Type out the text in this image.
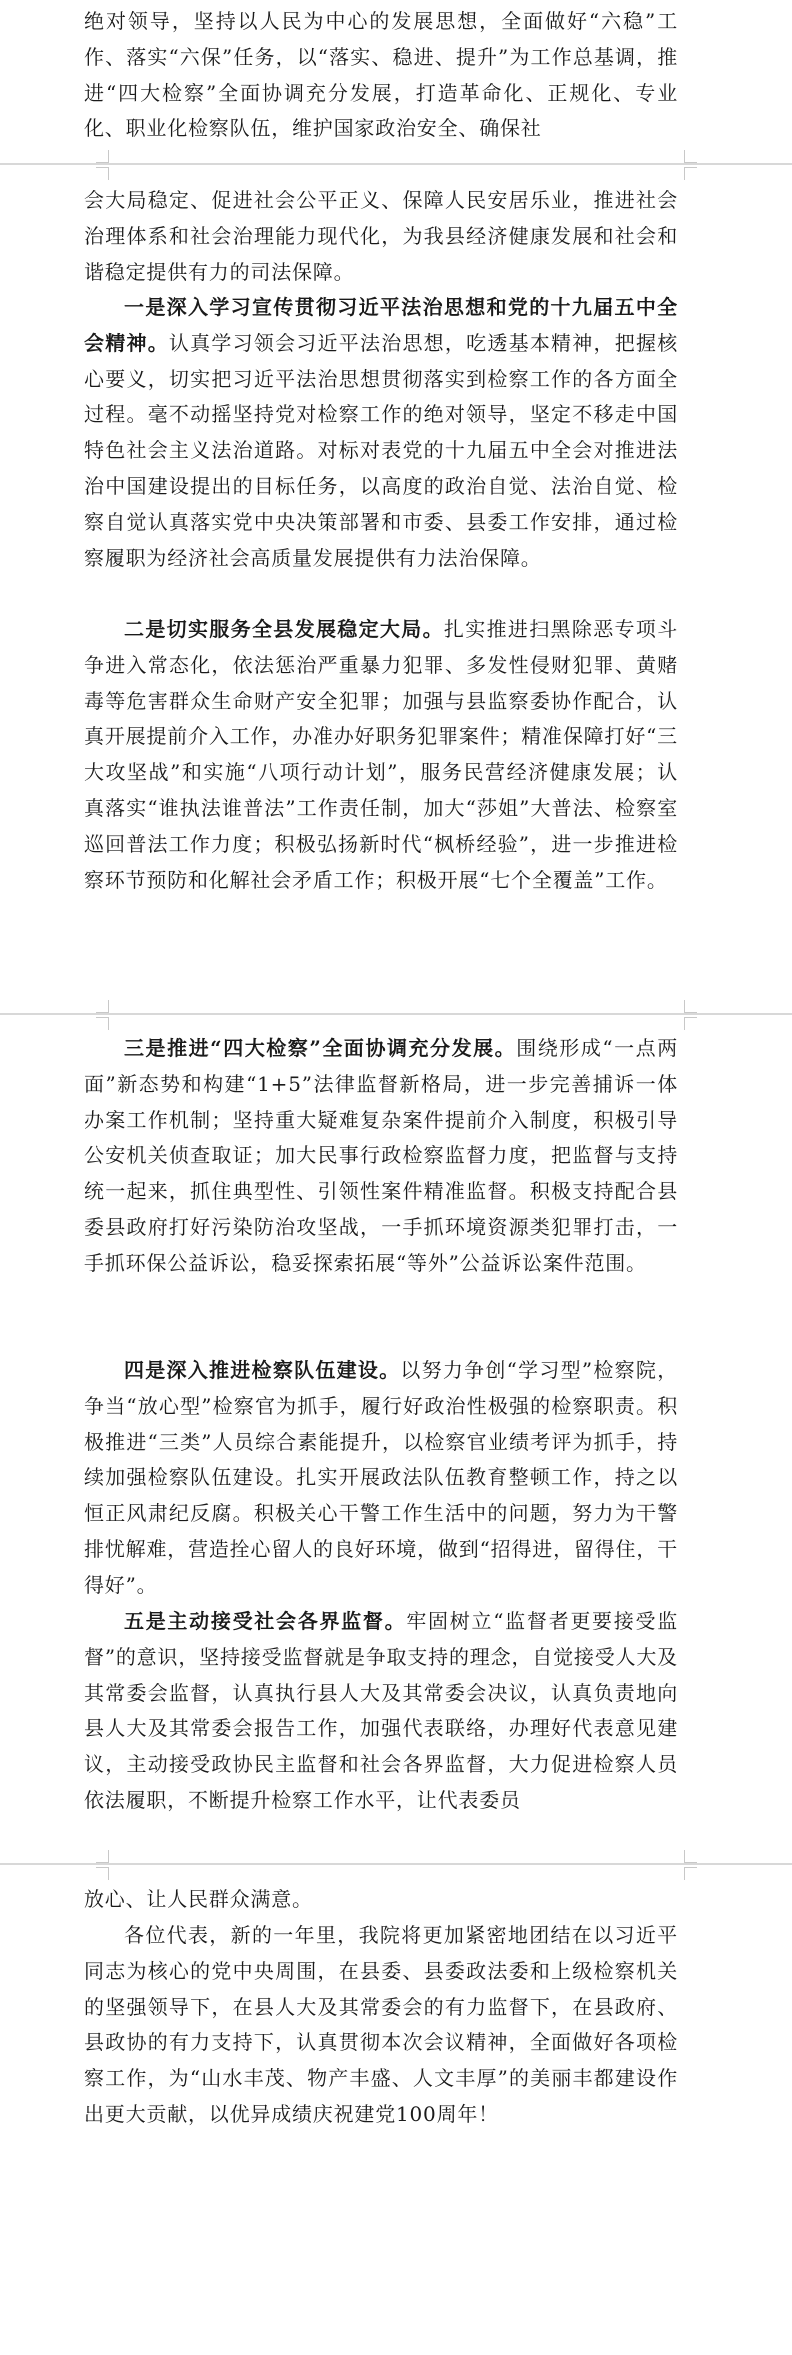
绝对领导，坚持以人民为中心的发展思想，全面做好“六稳”工作、落实“六保”任务，以“落实、稳进、提升”为工作总基调，推进“四大检察”全面协调充分发展，打造革命化、正规化、专业化、职业化检察队伍，维护国家政治安全、确保社

会大局稳定、促进社会公平正义、保障人民安居乐业，推进社会治理体系和社会治理能力现代化，为我县经济健康发展和社会和谐稳定提供有力的司法保障。

一是深入学习宣传贯彻习近平法治思想和党的十九届五中全会精神。认真学习领会习近平法治思想，吃透基本精神，把握核心要义，切实把习近平法治思想贯彻落实到检察工作的各方面全过程。毫不动摇坚持党对检察工作的绝对领导，坚定不移走中国特色社会主义法治道路。对标对表党的十九届五中全会对推进法治中国建设提出的目标任务，以高度的政治自觉、法治自觉、检察自觉认真落实党中央决策部署和市委、县委工作安排，通过检察履职为经济社会高质量发展提供有力法治保障。

二是切实服务全县发展稳定大局。扎实推进扫黑除恶专项斗争进入常态化，依法惩治严重暴力犯罪、多发性侵财犯罪、黄赌毒等危害群众生命财产安全犯罪；加强与县监察委协作配合，认真开展提前介入工作，办准办好职务犯罪案件；精准保障打好“三大攻坚战”和实施“八项行动计划”，服务民营经济健康发展；认真落实“谁执法谁普法”工作责任制，加大“莎姐”大普法、检察室巡回普法工作力度；积极弘扬新时代“枫桥经验”，进一步推进检察环节预防和化解社会矛盾工作；积极开展“七个全覆盖”工作。

三是推进“四大检察”全面协调充分发展。围绕形成“一点两面”新态势和构建“1+5”法律监督新格局，进一步完善捕诉一体办案工作机制；坚持重大疑难复杂案件提前介入制度，积极引导公安机关侦查取证；加大民事行政检察监督力度，把监督与支持统一起来，抓住典型性、引领性案件精准监督。积极支持配合县委县政府打好污染防治攻坚战，一手抓环境资源类犯罪打击，一手抓环保公益诉讼，稳妥探索拓展“等外”公益诉讼案件范围。

四是深入推进检察队伍建设。以努力争创“学习型”检察院，争当“放心型”检察官为抓手，履行好政治性极强的检察职责。积极推进“三类”人员综合素能提升，以检察官业绩考评为抓手，持续加强检察队伍建设。扎实开展政法队伍教育整顿工作，持之以恒正风肃纪反腐。积极关心干警工作生活中的问题，努力为干警排忧解难，营造拴心留人的良好环境，做到“招得进，留得住，干得好”。

五是主动接受社会各界监督。牢固树立“监督者更要接受监督”的意识，坚持接受监督就是争取支持的理念，自觉接受人大及其常委会监督，认真执行县人大及其常委会决议，认真负责地向县人大及其常委会报告工作，加强代表联络，办理好代表意见建议，主动接受政协民主监督和社会各界监督，大力促进检察人员依法履职，不断提升检察工作水平，让代表委员

放心、让人民群众满意。

各位代表，新的一年里，我院将更加紧密地团结在以习近平同志为核心的党中央周围，在县委、县委政法委和上级检察机关的坚强领导下，在县人大及其常委会的有力监督下，在县政府、县政协的有力支持下，认真贯彻本次会议精神，全面做好各项检察工作，为“山水丰茂、物产丰盛、人文丰厚”的美丽丰都建设作出更大贡献，以优异成绩庆祝建党100周年！
